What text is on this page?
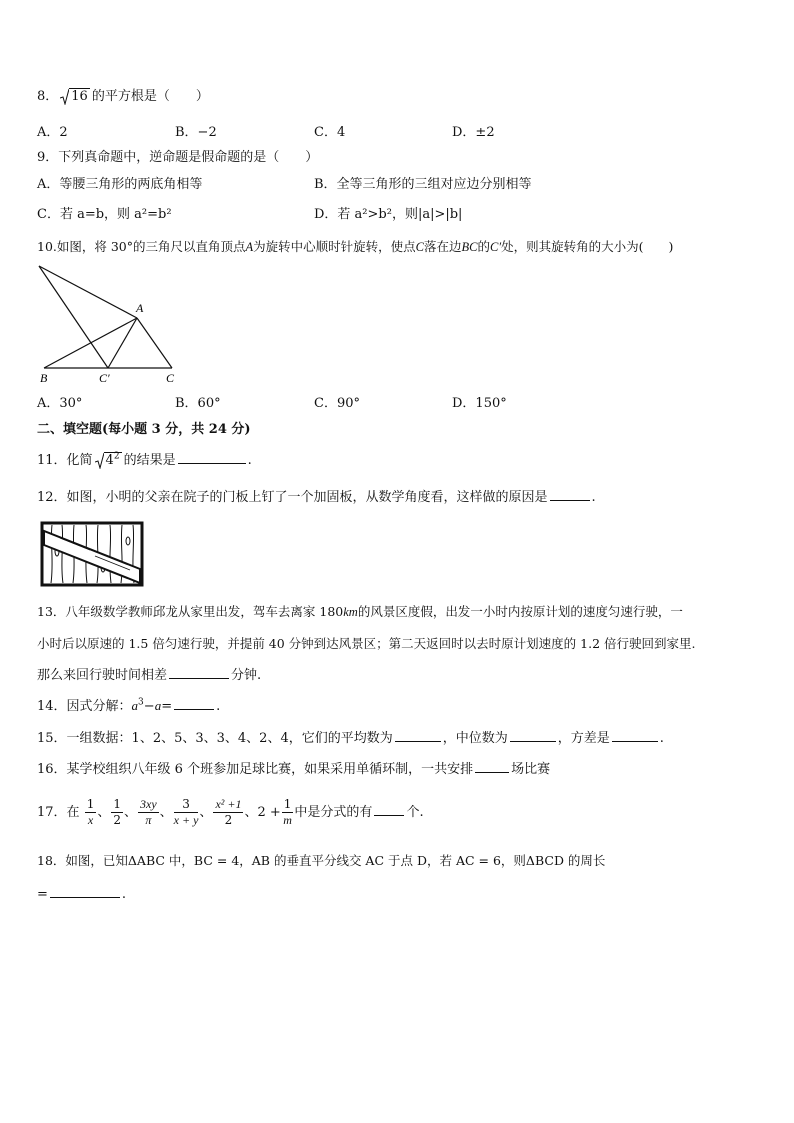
8． 16 的平方根是（　　）
A．2	B．−2	C．4	D．±2
9．下列真命题中，逆命题是假命题的是（　　）
A．等腰三角形的两底角相等	B．全等三角形的三组对应边分别相等
C．若 a=b，则 a²=b²	D．若 a²>b²，则|a|>|b|
10.如图，将 30°的三角尺以直角顶点A为旋转中心顺时针旋转，使点C落在边BC的C′处，则其旋转角的大小为(　　)
A
B	C′	C
A．30°	B．60°	C．90°	D．150°
二、填空题(每小题 3 分，共 24 分)
11．化简 $4^2$ 的结果是	.
12．如图，小明的父亲在院子的门板上钉了一个加固板，从数学角度看，这样做的原因是	.
13．八年级数学教师邱龙从家里出发，驾车去离家 180km的风景区度假，出发一小时内按原计划的速度匀速行驶，一
小时后以原速的 1.5 倍匀速行驶，并提前 40 分钟到达风景区；第二天返回时以去时原计划速度的 1.2 倍行驶回到家里.
那么来回行驶时间相差	分钟.
14．因式分解：$a^3-a=$	.
15．一组数据：1、2、5、3、3、4、2、4，它们的平均数为	，中位数为	，方差是	.
16．某学校组织八年级 6 个班参加足球比赛，如果采用单循环制，一共安排	场比赛
17．在 $\frac{1}{x}$ 、 $\frac{1}{2}$ 、 $\frac{3xy}{\pi}$ 、 $\frac{3}{x + y}$ 、 $\frac{\text{x² +1}}{2}$ 、$2 + \frac{1}{m}$ 中是分式的有	个.
18．如图，已知ΔABC 中，BC = 4，AB 的垂直平分线交 AC 于点 D，若 AC = 6，则ΔBCD 的周长
=	.
